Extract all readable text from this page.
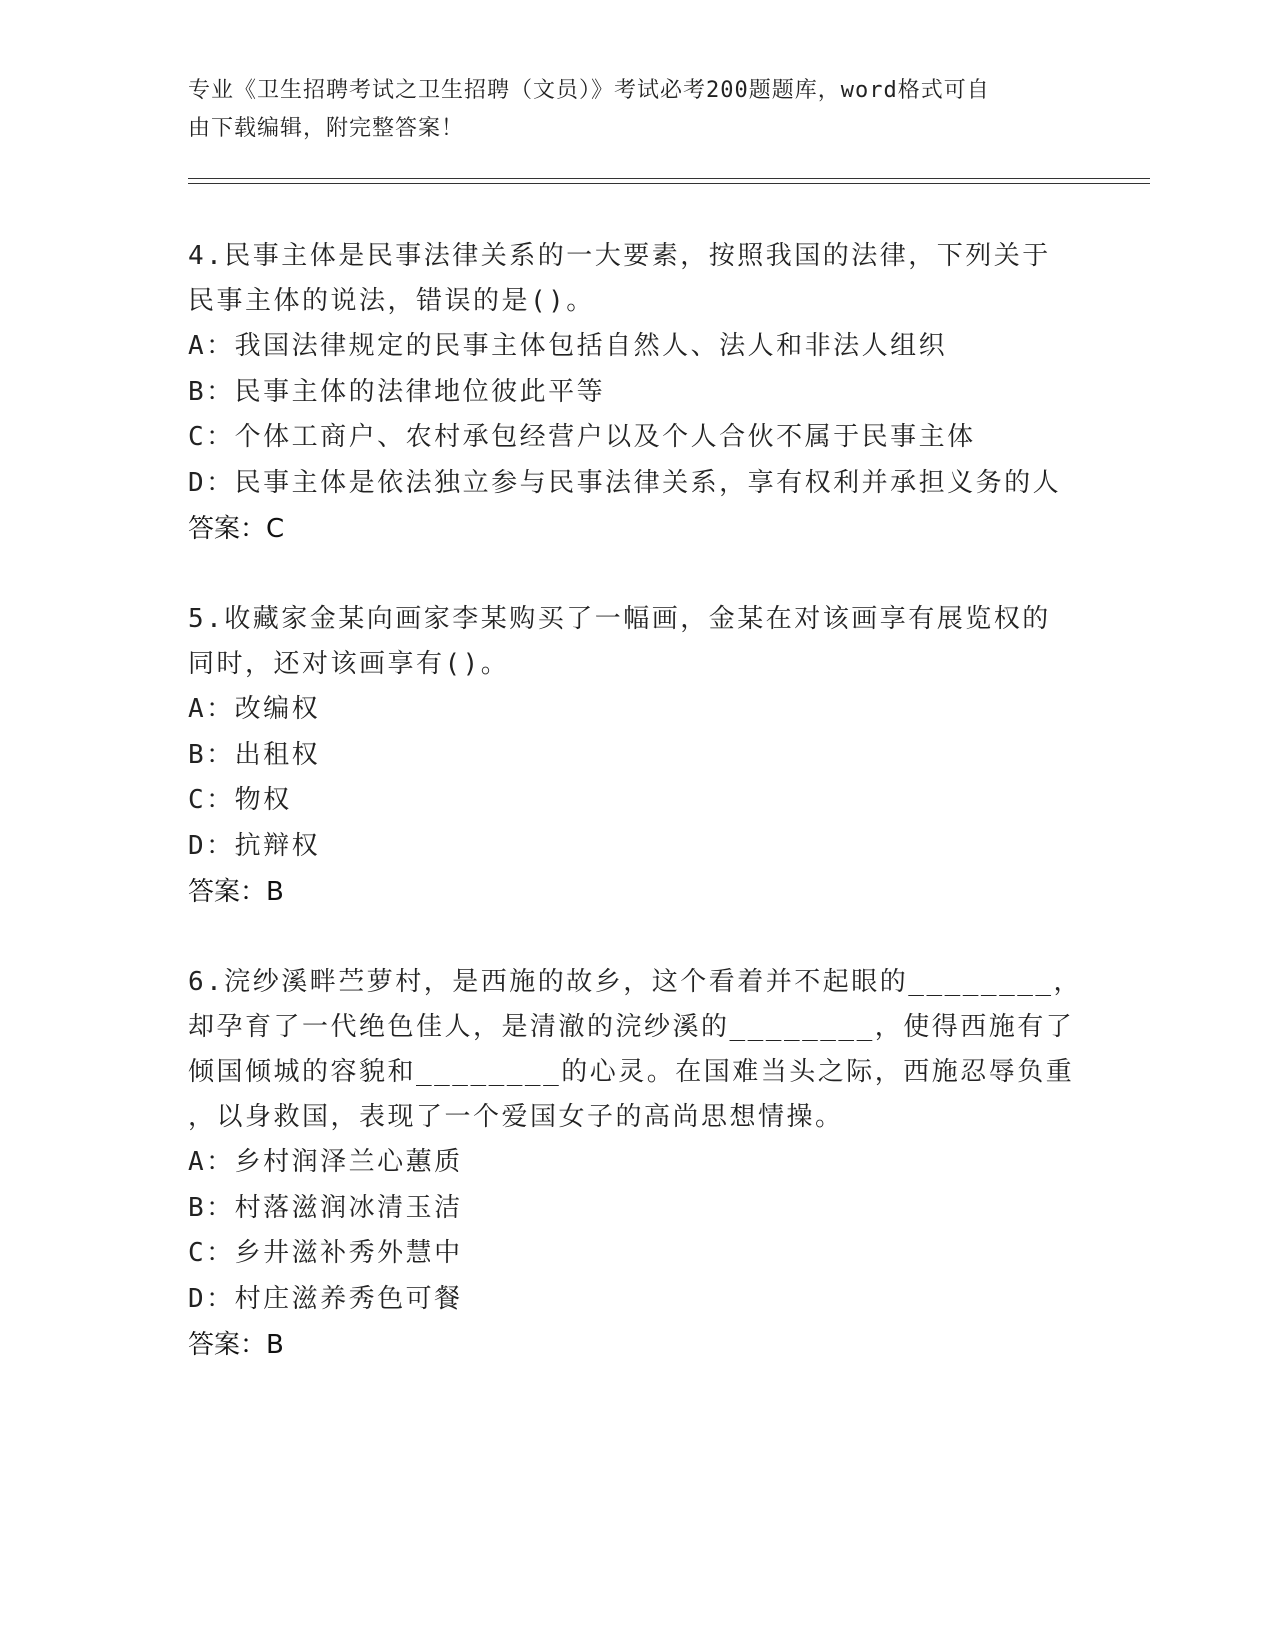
专业《卫生招聘考试之卫生招聘（文员）》考试必考200题题库，word格式可自
由下载编辑，附完整答案！
4.民事主体是民事法律关系的一大要素，按照我国的法律，下列关于
民事主体的说法，错误的是()。
A：我国法律规定的民事主体包括自然人、法人和非法人组织
B：民事主体的法律地位彼此平等
C：个体工商户、农村承包经营户以及个人合伙不属于民事主体
D：民事主体是依法独立参与民事法律关系，享有权利并承担义务的人
答案：C
5.收藏家金某向画家李某购买了一幅画，金某在对该画享有展览权的
同时，还对该画享有()。
A：改编权
B：出租权
C：物权
D：抗辩权
答案：B
6.浣纱溪畔苎萝村，是西施的故乡，这个看着并不起眼的________，
却孕育了一代绝色佳人，是清澈的浣纱溪的________，使得西施有了
倾国倾城的容貌和________的心灵。在国难当头之际，西施忍辱负重
，以身救国，表现了一个爱国女子的高尚思想情操。
A：乡村润泽兰心蕙质
B：村落滋润冰清玉洁
C：乡井滋补秀外慧中
D：村庄滋养秀色可餐
答案：B
